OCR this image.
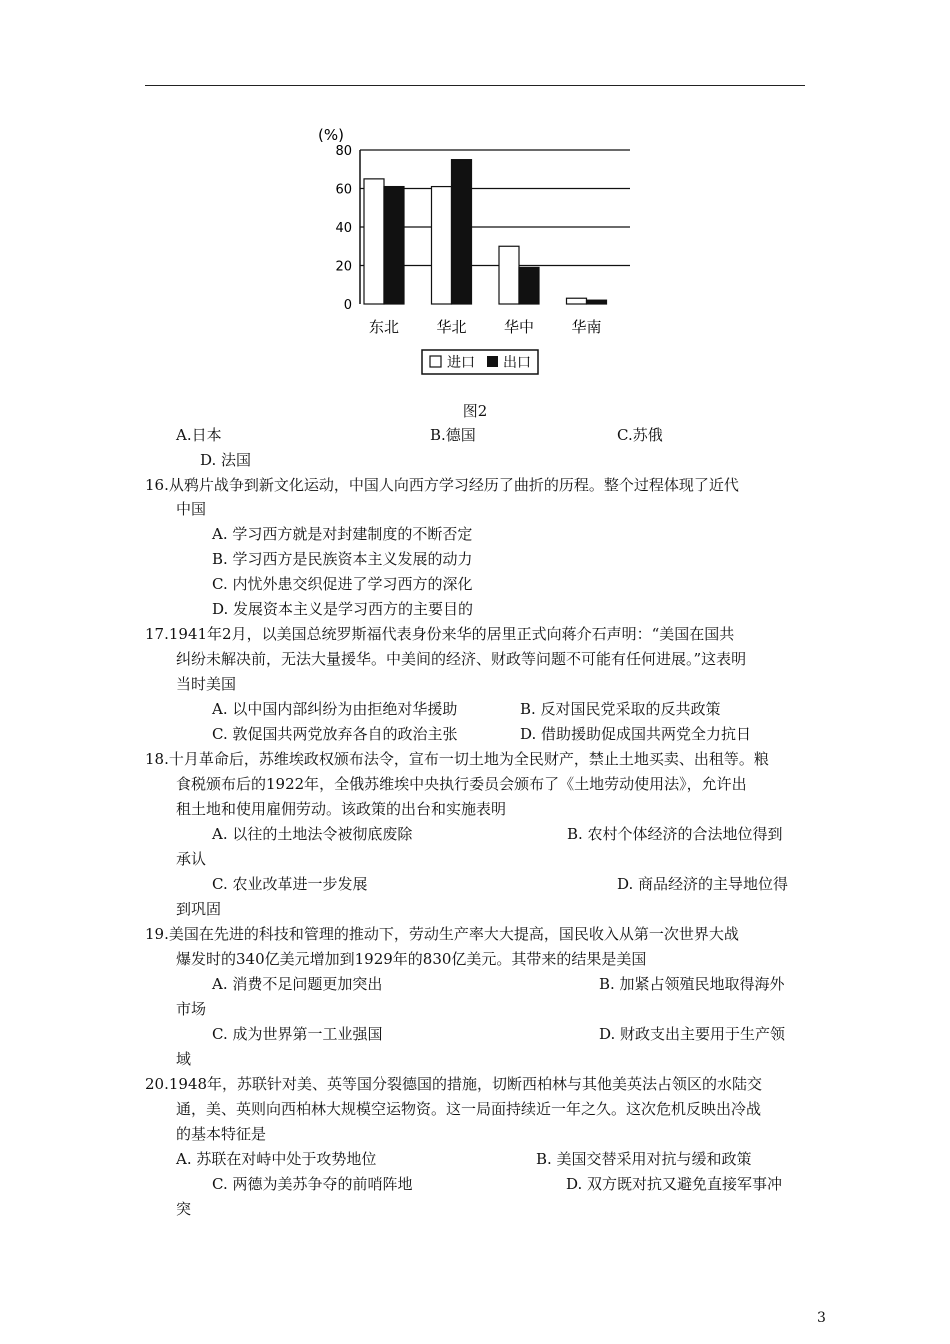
(%)
80
60
40
20
0
东北 华北 华中 华南
进口 出口
图2
A.日本	B.德国	C.苏俄
D. 法国
16.从鸦片战争到新文化运动，中国人向西方学习经历了曲折的历程。整个过程体现了近代
中国
A. 学习西方就是对封建制度的不断否定
B. 学习西方是民族资本主义发展的动力
C. 内忧外患交织促进了学习西方的深化
D. 发展资本主义是学习西方的主要目的
17.1941年2月，以美国总统罗斯福代表身份来华的居里正式向蒋介石声明：“美国在国共
纠纷未解决前，无法大量援华。中美间的经济、财政等问题不可能有任何进展。”这表明
当时美国
A. 以中国内部纠纷为由拒绝对华援助	B. 反对国民党采取的反共政策
C. 敦促国共两党放弃各自的政治主张	D. 借助援助促成国共两党全力抗日
18.十月革命后，苏维埃政权颁布法令，宣布一切土地为全民财产，禁止土地买卖、出租等。粮
食税颁布后的1922年，全俄苏维埃中央执行委员会颁布了《土地劳动使用法》，允许出
租土地和使用雇佣劳动。该政策的出台和实施表明
A. 以往的土地法令被彻底废除	B. 农村个体经济的合法地位得到
承认
C. 农业改革进一步发展	D. 商品经济的主导地位得
到巩固
19.美国在先进的科技和管理的推动下，劳动生产率大大提高，国民收入从第一次世界大战
爆发时的340亿美元增加到1929年的830亿美元。其带来的结果是美国
A. 消费不足问题更加突出	B. 加紧占领殖民地取得海外
市场
C. 成为世界第一工业强国	D. 财政支出主要用于生产领
域
20.1948年，苏联针对美、英等国分裂德国的措施，切断西柏林与其他美英法占领区的水陆交
通，美、英则向西柏林大规模空运物资。这一局面持续近一年之久。这次危机反映出冷战
的基本特征是
A. 苏联在对峙中处于攻势地位	B. 美国交替采用对抗与缓和政策
C. 两德为美苏争夺的前哨阵地	D. 双方既对抗又避免直接军事冲
突
3
